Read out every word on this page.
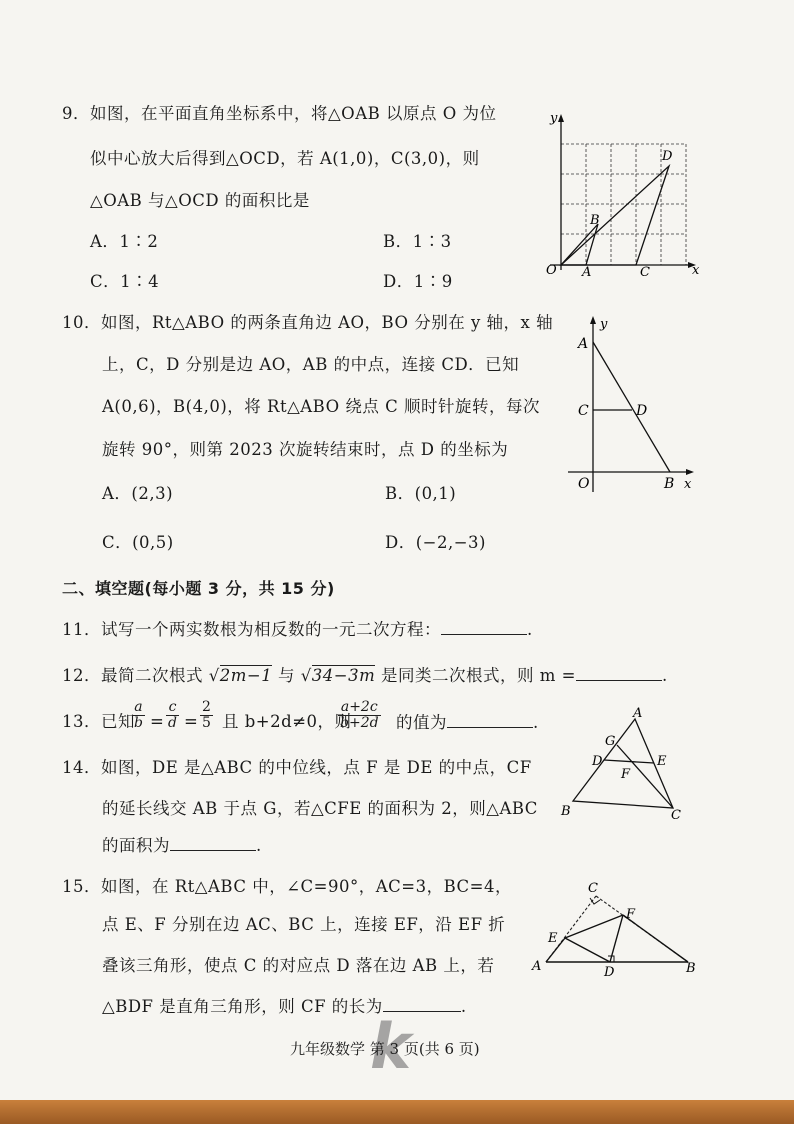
9．如图，在平面直角坐标系中，将△OAB 以原点 O 为位
似中心放大后得到△OCD，若 A(1,0)，C(3,0)，则
△OAB 与△OCD 的面积比是
A．1∶2	B．1∶3
C．1∶4	D．1∶9
y
x
O A	C
B
D
10．如图，Rt△ABO 的两条直角边 AO，BO 分别在 y 轴，x 轴
上，C，D 分别是边 AO，AB 的中点，连接 CD．已知
A(0,6)，B(4,0)，将 Rt△ABO 绕点 C 顺时针旋转，每次
旋转 90°，则第 2023 次旋转结束时，点 D 的坐标为
A．(2,3)	B．(0,1)
C．(0,5)	D．(−2,−3)
y
x
A
C	D
O	B
二、填空题(每小题 3 分，共 15 分)
11．试写一个两实数根为相反数的一元二次方程：	.
12．最简二次根式 √2m−1 与 √34−3m 是同类二次根式，则 m =	.
13．已知
$\frac{a}{b} = \frac{c}{d} = \frac{2}{5}$ 且 b+2d≠0，则
$\frac{a+2c}{b+2d}$ 的值为	.
14．如图，DE 是△ABC 的中位线，点 F 是 DE 的中点，CF
的延长线交 AB 于点 G，若△CFE 的面积为 2，则△ABC
的面积为	.
A
G
D	E
F
B	C
15．如图，在 Rt△ABC 中，∠C=90°，AC=3，BC=4，
点 E、F 分别在边 AC、BC 上，连接 EF，沿 EF 折
叠该三角形，使点 C 的对应点 D 落在边 AB 上，若
△BDF 是直角三角形，则 CF 的长为	.
C
F
E
A	D	B
k
九年级数学 第 3 页(共 6 页)
